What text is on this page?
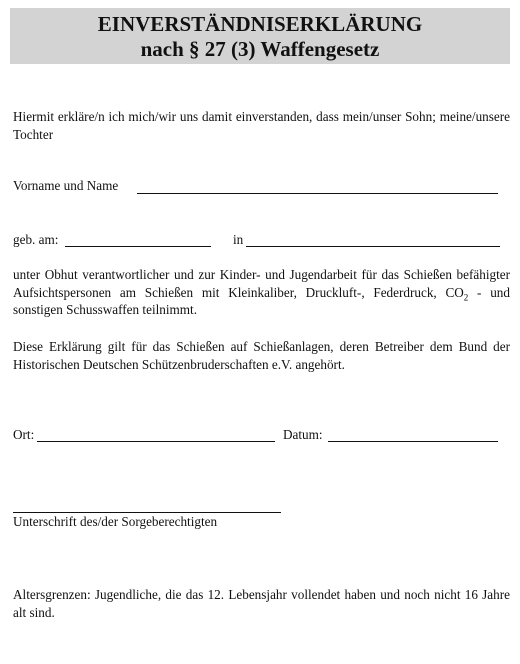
EINVERSTÄNDNISERKLÄRUNG
nach § 27 (3) Waffengesetz
Hiermit erkläre/n ich mich/wir uns damit einverstanden, dass mein/unser Sohn; meine/unsere Tochter
Vorname und Name
geb. am:	in
unter Obhut verantwortlicher und zur Kinder- und Jugendarbeit für das Schießen befähigter Aufsichtspersonen am Schießen mit Kleinkaliber, Druckluft-, Federdruck, $CO_2$ - und sonstigen Schusswaffen teilnimmt.
Diese Erklärung gilt für das Schießen auf Schießanlagen, deren Betreiber dem Bund der Historischen Deutschen Schützenbruderschaften e.V. angehört.
Ort:	Datum:
Unterschrift des/der Sorgeberechtigten
Altersgrenzen: Jugendliche, die das 12. Lebensjahr vollendet haben und noch nicht 16 Jahre alt sind.
